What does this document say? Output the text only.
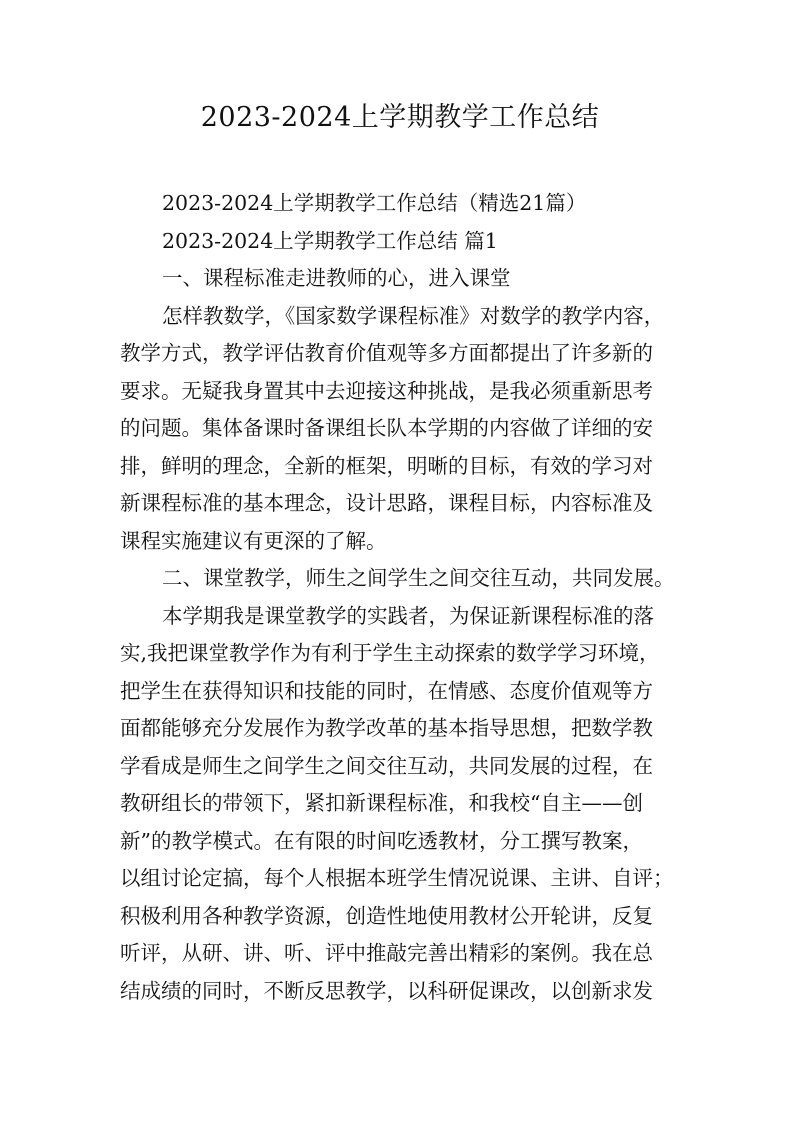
2023-2024上学期教学工作总结

2023-2024上学期教学工作总结（精选21篇）

2023-2024上学期教学工作总结 篇1

一、课程标准走进教师的心，进入课堂

怎样教数学，《国家数学课程标准》对数学的教学内容，

教学方式，教学评估教育价值观等多方面都提出了许多新的

要求。无疑我身置其中去迎接这种挑战，是我必须重新思考

的问题。集体备课时备课组长队本学期的内容做了详细的安

排，鲜明的理念，全新的框架，明晰的目标，有效的学习对

新课程标准的基本理念，设计思路，课程目标，内容标准及

课程实施建议有更深的了解。

二、课堂教学，师生之间学生之间交往互动，共同发展。

本学期我是课堂教学的实践者，为保证新课程标准的落

实,我把课堂教学作为有利于学生主动探索的数学学习环境，

把学生在获得知识和技能的同时，在情感、态度价值观等方

面都能够充分发展作为教学改革的基本指导思想，把数学教

学看成是师生之间学生之间交往互动，共同发展的过程，在

教研组长的带领下，紧扣新课程标准，和我校“自主——创

新”的教学模式。在有限的时间吃透教材，分工撰写教案，

以组讨论定搞，每个人根据本班学生情况说课、主讲、自评；

积极利用各种教学资源，创造性地使用教材公开轮讲，反复

听评，从研、讲、听、评中推敲完善出精彩的案例。我在总

结成绩的同时，不断反思教学，以科研促课改，以创新求发
